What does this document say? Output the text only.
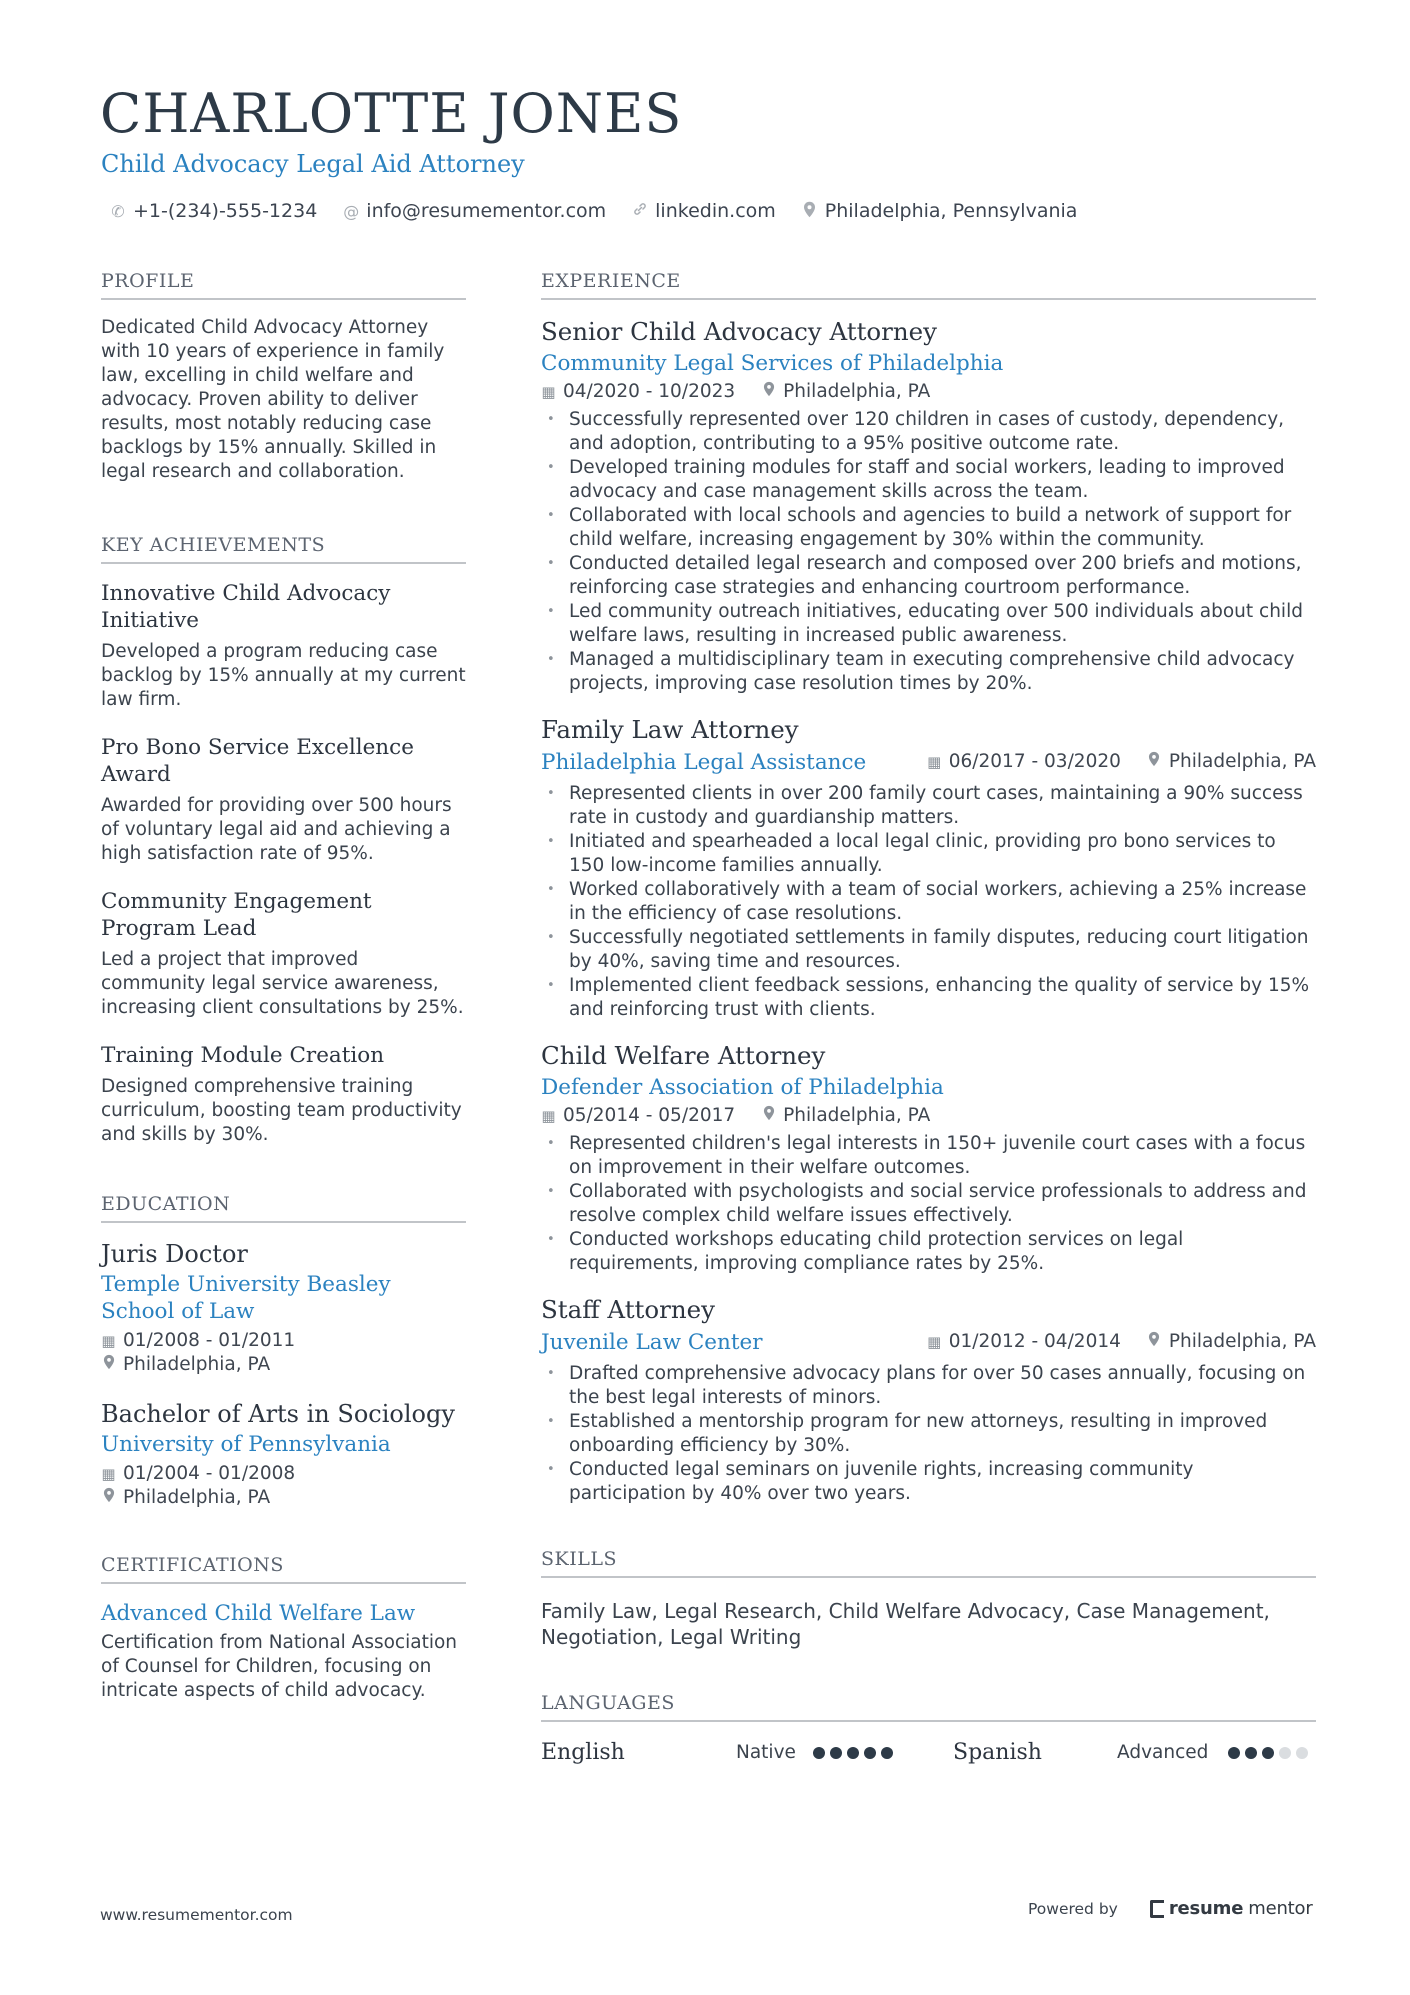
CHARLOTTE JONES
Child Advocacy Legal Aid Attorney
✆ +1-(234)-555-1234 @ info@resumementor.com	linkedin.com	Philadelphia, Pennsylvania
PROFILE
Dedicated Child Advocacy Attorney with 10 years of experience in family law, excelling in child welfare and advocacy. Proven ability to deliver results, most notably reducing case backlogs by 15% annually. Skilled in legal research and collaboration.
KEY ACHIEVEMENTS
Innovative Child Advocacy Initiative
Developed a program reducing case backlog by 15% annually at my current law firm.
Pro Bono Service Excellence Award
Awarded for providing over 500 hours of voluntary legal aid and achieving a high satisfaction rate of 95%.
Community Engagement Program Lead
Led a project that improved community legal service awareness, increasing client consultations by 25%.
Training Module Creation
Designed comprehensive training curriculum, boosting team productivity and skills by 30%.
EDUCATION
Juris Doctor
Temple University Beasley School of Law
▦ 01/2008 - 01/2011
Philadelphia, PA
Bachelor of Arts in Sociology
University of Pennsylvania
▦ 01/2004 - 01/2008
Philadelphia, PA
CERTIFICATIONS
Advanced Child Welfare Law
Certification from National Association of Counsel for Children, focusing on intricate aspects of child advocacy.
EXPERIENCE
Senior Child Advocacy Attorney
Community Legal Services of Philadelphia
▦ 04/2020 - 10/2023	Philadelphia, PA
• Successfully represented over 120 children in cases of custody, dependency, and adoption, contributing to a 95% positive outcome rate.
• Developed training modules for staff and social workers, leading to improved advocacy and case management skills across the team.
• Collaborated with local schools and agencies to build a network of support for child welfare, increasing engagement by 30% within the community.
• Conducted detailed legal research and composed over 200 briefs and motions, reinforcing case strategies and enhancing courtroom performance.
• Led community outreach initiatives, educating over 500 individuals about child welfare laws, resulting in increased public awareness.
• Managed a multidisciplinary team in executing comprehensive child advocacy projects, improving case resolution times by 20%.
Family Law Attorney
Philadelphia Legal Assistance	▦ 06/2017 - 03/2020	Philadelphia, PA
• Represented clients in over 200 family court cases, maintaining a 90% success rate in custody and guardianship matters.
• Initiated and spearheaded a local legal clinic, providing pro bono services to 150 low-income families annually.
• Worked collaboratively with a team of social workers, achieving a 25% increase in the efficiency of case resolutions.
• Successfully negotiated settlements in family disputes, reducing court litigation by 40%, saving time and resources.
• Implemented client feedback sessions, enhancing the quality of service by 15% and reinforcing trust with clients.
Child Welfare Attorney
Defender Association of Philadelphia
▦ 05/2014 - 05/2017	Philadelphia, PA
• Represented children's legal interests in 150+ juvenile court cases with a focus on improvement in their welfare outcomes.
• Collaborated with psychologists and social service professionals to address and resolve complex child welfare issues effectively.
• Conducted workshops educating child protection services on legal requirements, improving compliance rates by 25%.
Staff Attorney
Juvenile Law Center	▦ 01/2012 - 04/2014	Philadelphia, PA
• Drafted comprehensive advocacy plans for over 50 cases annually, focusing on the best legal interests of minors.
• Established a mentorship program for new attorneys, resulting in improved onboarding efficiency by 30%.
• Conducted legal seminars on juvenile rights, increasing community participation by 40% over two years.
SKILLS
Family Law, Legal Research, Child Welfare Advocacy, Case Management, Negotiation, Legal Writing
LANGUAGES
English	Native	Spanish	Advanced
www.resumementor.com	Powered by	resume mentor
